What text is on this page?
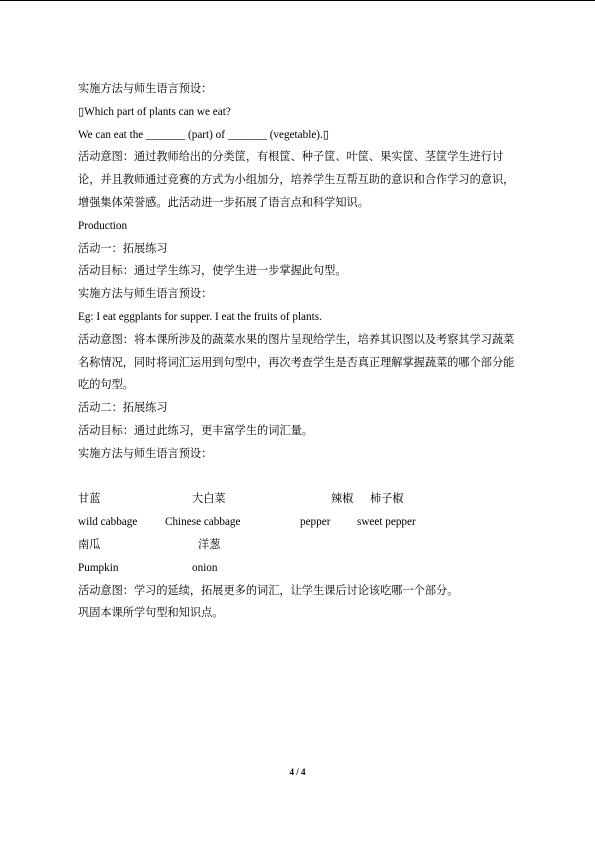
实施方法与师生语言预设：

▯Which part of plants can we eat?

We can eat the _______ (part) of _______ (vegetable).▯

活动意图：通过教师给出的分类筐，有根筐、种子筐、叶筐、果实筐、茎筐学生进行讨论，并且教师通过竞赛的方式为小组加分，培养学生互帮互助的意识和合作学习的意识，增强集体荣誉感。此活动进一步拓展了语言点和科学知识。

Production

活动一：拓展练习

活动目标：通过学生练习，使学生进一步掌握此句型。

实施方法与师生语言预设：

Eg: I eat eggplants for supper. I eat the fruits of plants.

活动意图：将本课所涉及的蔬菜水果的图片呈现给学生，培养其识图以及考察其学习蔬菜名称情况，同时将词汇运用到句型中，再次考查学生是否真正理解掌握蔬菜的哪个部分能吃的句型。

活动二：拓展练习

活动目标：通过此练习，更丰富学生的词汇量。

实施方法与师生语言预设：

甘蓝	大白菜	辣椒 柿子椒
wild cabbage Chinese cabbage	pepper sweet pepper
南瓜	洋葱
Pumpkin	onion

活动意图：学习的延续，拓展更多的词汇，让学生课后讨论该吃哪一个部分。

巩固本课所学句型和知识点。

4 / 4
